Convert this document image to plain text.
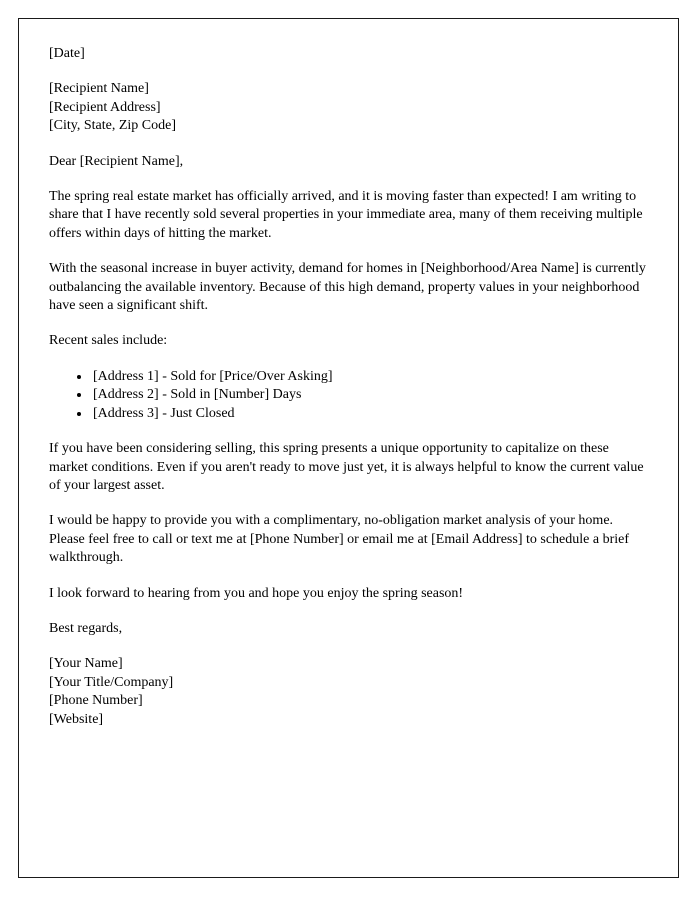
[Date]

[Recipient Name]
[Recipient Address]
[City, State, Zip Code]

Dear [Recipient Name],

The spring real estate market has officially arrived, and it is moving faster than expected! I am writing to share that I have recently sold several properties in your immediate area, many of them receiving multiple offers within days of hitting the market.

With the seasonal increase in buyer activity, demand for homes in [Neighborhood/Area Name] is currently outbalancing the available inventory. Because of this high demand, property values in your neighborhood have seen a significant shift.

Recent sales include:

• [Address 1] - Sold for [Price/Over Asking]
• [Address 2] - Sold in [Number] Days
• [Address 3] - Just Closed

If you have been considering selling, this spring presents a unique opportunity to capitalize on these market conditions. Even if you aren't ready to move just yet, it is always helpful to know the current value of your largest asset.

I would be happy to provide you with a complimentary, no-obligation market analysis of your home. Please feel free to call or text me at [Phone Number] or email me at [Email Address] to schedule a brief walkthrough.

I look forward to hearing from you and hope you enjoy the spring season!

Best regards,

[Your Name]
[Your Title/Company]
[Phone Number]
[Website]
